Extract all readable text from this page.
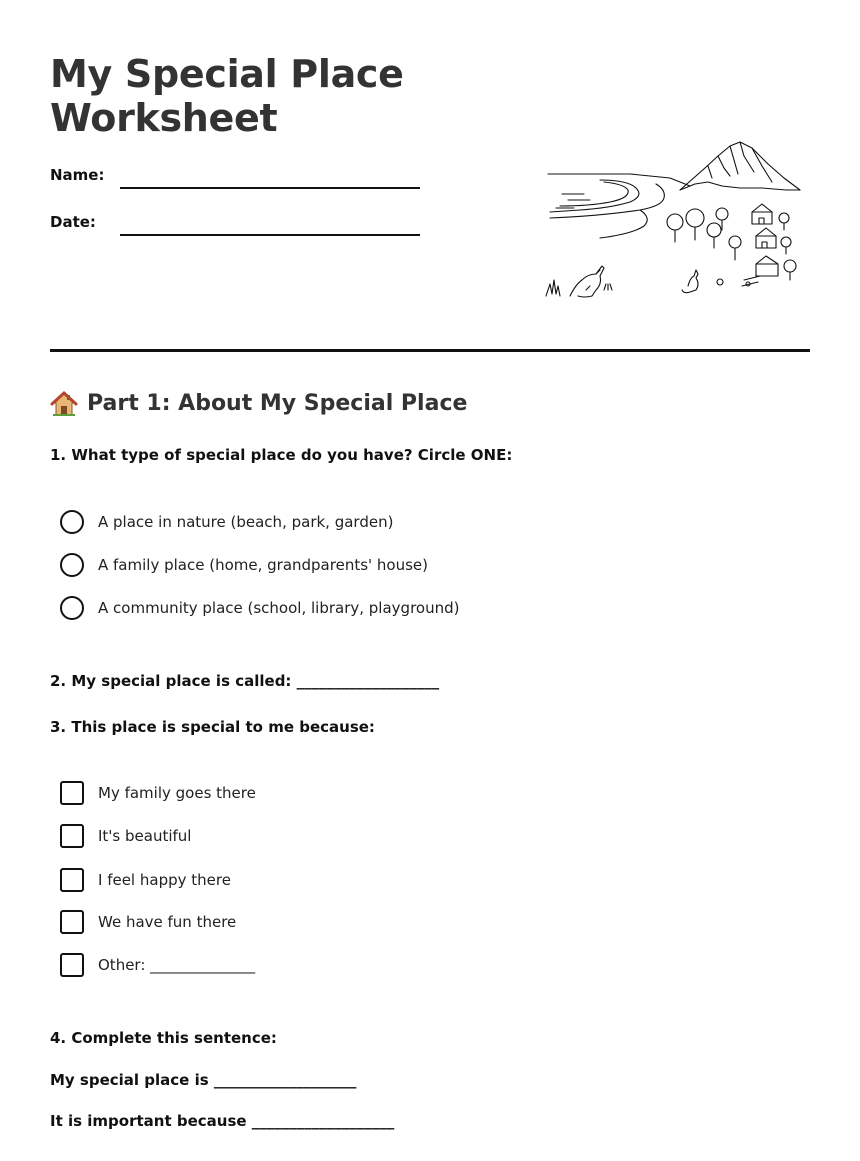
My Special Place
Worksheet
Name:
Date:
Part 1: About My Special Place
1. What type of special place do you have? Circle ONE:
A place in nature (beach, park, garden)
A family place (home, grandparents' house)
A community place (school, library, playground)
2. My special place is called: ___________________
3. This place is special to me because:
My family goes there
It's beautiful
I feel happy there
We have fun there
Other: ______________
4. Complete this sentence:
My special place is ___________________
It is important because ___________________
